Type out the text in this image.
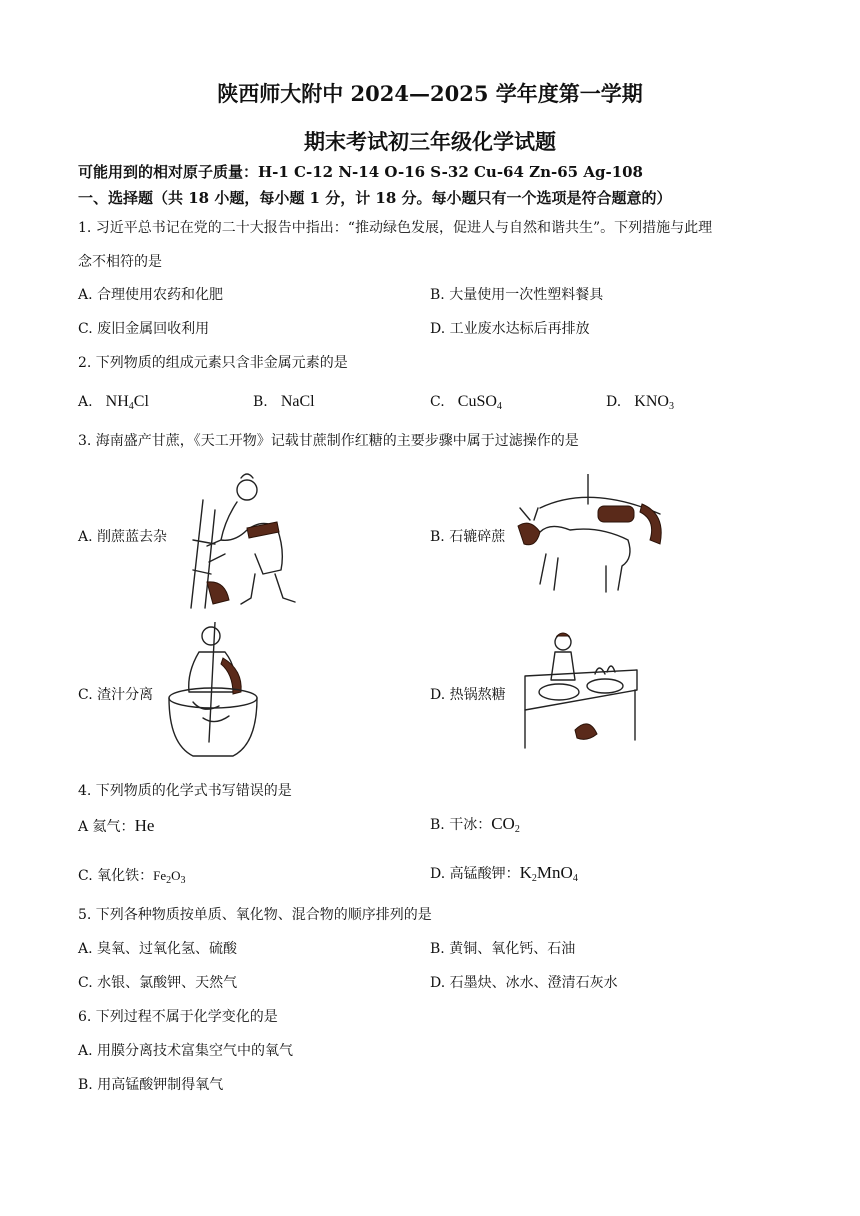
陕西师大附中 2024—2025 学年度第一学期
期末考试初三年级化学试题
可能用到的相对原子质量：H-1 C-12 N-14 O-16 S-32 Cu-64 Zn-65 Ag-108
一、选择题（共 18 小题，每小题 1 分，计 18 分。每小题只有一个选项是符合题意的）
1. 习近平总书记在党的二十大报告中指出：“推动绿色发展，促进人与自然和谐共生”。下列措施与此理
念不相符的是
A. 合理使用农药和化肥	B. 大量使用一次性塑料餐具
C. 废旧金属回收利用	D. 工业废水达标后再排放
2. 下列物质的组成元素只含非金属元素的是
A. $NH_4Cl$	B. NaCl	C. CuSO$_4$	D. $KNO_3$
3. 海南盛产甘蔗，《天工开物》记载甘蔗制作红糖的主要步骤中属于过滤操作的是
A. 削蔗蓝去杂	B. 石辘碎蔗
C. 渣汁分离	D. 热锅熬糖
4. 下列物质的化学式书写错误的是
A 氦气：He	B. 干冰：$CO_2$
C. 氧化铁：$Fe_2O_3$	D. 高锰酸钾：$K_2MnO_4$
5. 下列各种物质按单质、氧化物、混合物的顺序排列的是
A. 臭氧、过氧化氢、硫酸	B. 黄铜、氧化钙、石油
C. 水银、氯酸钾、天然气	D. 石墨炔、冰水、澄清石灰水
6. 下列过程不属于化学变化的是
A. 用膜分离技术富集空气中的氧气
B. 用高锰酸钾制得氧气
